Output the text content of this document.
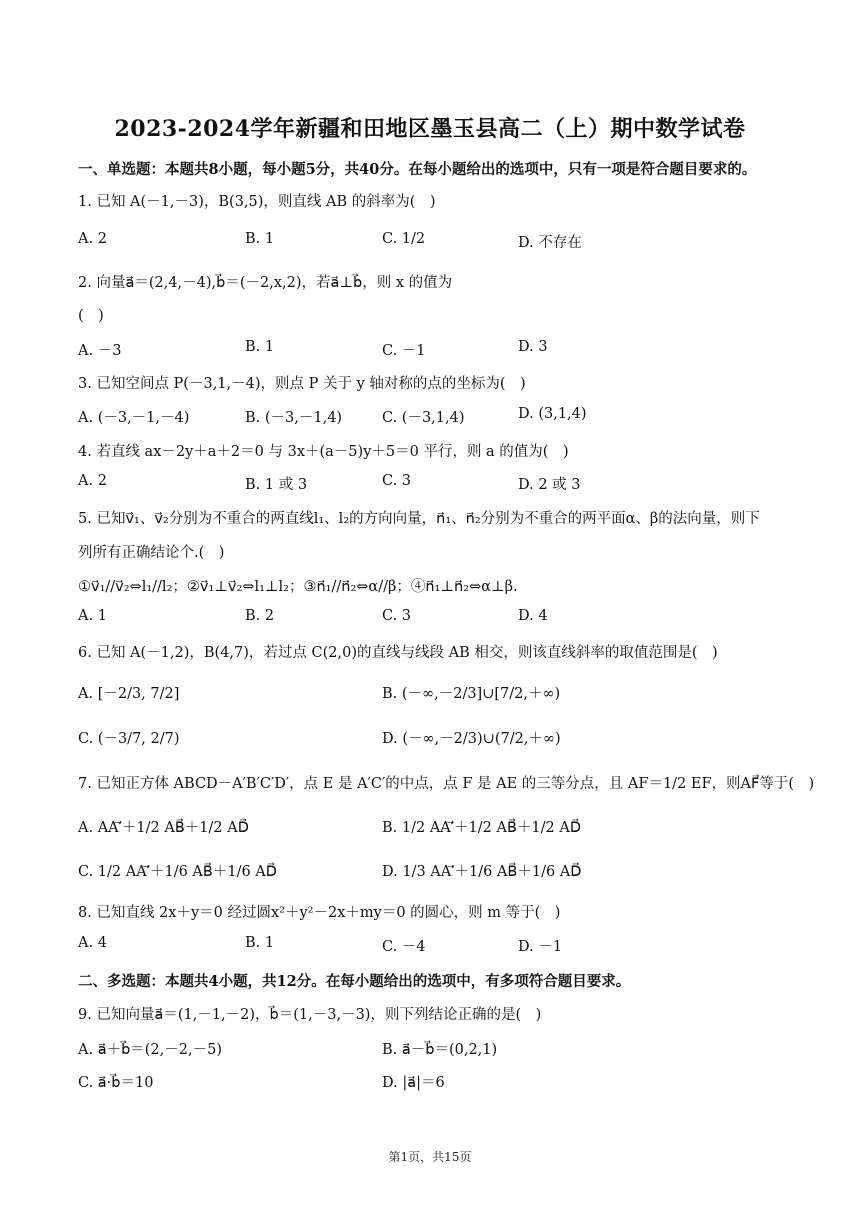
2023-2024学年新疆和田地区墨玉县高二（上）期中数学试卷
一、单选题：本题共8小题，每小题5分，共40分。在每小题给出的选项中，只有一项是符合题目要求的。
1. 已知 A(－1,－3)，B(3,5)，则直线 AB 的斜率为(　)
A. 2	B. 1	C. 1/2	D. 不存在
2. 向量a⃗＝(2,4,－4),b⃗＝(－2,x,2)，若a⃗⊥b⃗，则 x 的值为
(　)
A. －3	B. 1	C. －1	D. 3
3. 已知空间点 P(－3,1,－4)，则点 P 关于 y 轴对称的点的坐标为(　)
A. (－3,－1,－4)	B. (－3,－1,4)	C. (－3,1,4)	D. (3,1,4)
4. 若直线 ax－2y＋a＋2＝0 与 3x＋(a－5)y＋5＝0 平行，则 a 的值为(　)
A. 2	B. 1 或 3	C. 3	D. 2 或 3
5. 已知v⃗₁、v⃗₂分别为不重合的两直线l₁、l₂的方向向量，n⃗₁、n⃗₂分别为不重合的两平面α、β的法向量，则下
列所有正确结论个.(　)
①v⃗₁//v⃗₂⇔l₁//l₂；②v⃗₁⊥v⃗₂⇔l₁⊥l₂；③n⃗₁//n⃗₂⇔α//β；④n⃗₁⊥n⃗₂⇔α⊥β.
A. 1	B. 2	C. 3	D. 4
6. 已知 A(－1,2)，B(4,7)，若过点 C(2,0)的直线与线段 AB 相交，则该直线斜率的取值范围是(　)
A. [－2/3, 7/2]	B. (－∞,－2/3]∪[7/2,＋∞)
C. (－3/7, 2/7)	D. (－∞,－2/3)∪(7/2,＋∞)
7. 已知正方体 ABCD－A′B′C′D′，点 E 是 A′C′的中点，点 F 是 AE 的三等分点，且 AF＝1/2 EF，则AF⃗等于(　)
A. AA′⃗＋1/2 AB⃗＋1/2 AD⃗	B. 1/2 AA′⃗＋1/2 AB⃗＋1/2 AD⃗
C. 1/2 AA′⃗＋1/6 AB⃗＋1/6 AD⃗	D. 1/3 AA′⃗＋1/6 AB⃗＋1/6 AD⃗
8. 已知直线 2x＋y＝0 经过圆x²＋y²－2x＋my＝0 的圆心，则 m 等于(　)
A. 4	B. 1	C. －4	D. －1
二、多选题：本题共4小题，共12分。在每小题给出的选项中，有多项符合题目要求。
9. 已知向量a⃗＝(1,－1,－2)，b⃗＝(1,－3,－3)，则下列结论正确的是(　)
A. a⃗＋b⃗＝(2,－2,－5)	B. a⃗－b⃗＝(0,2,1)
C. a⃗·b⃗＝10	D. |a⃗|＝6
第1页，共15页
